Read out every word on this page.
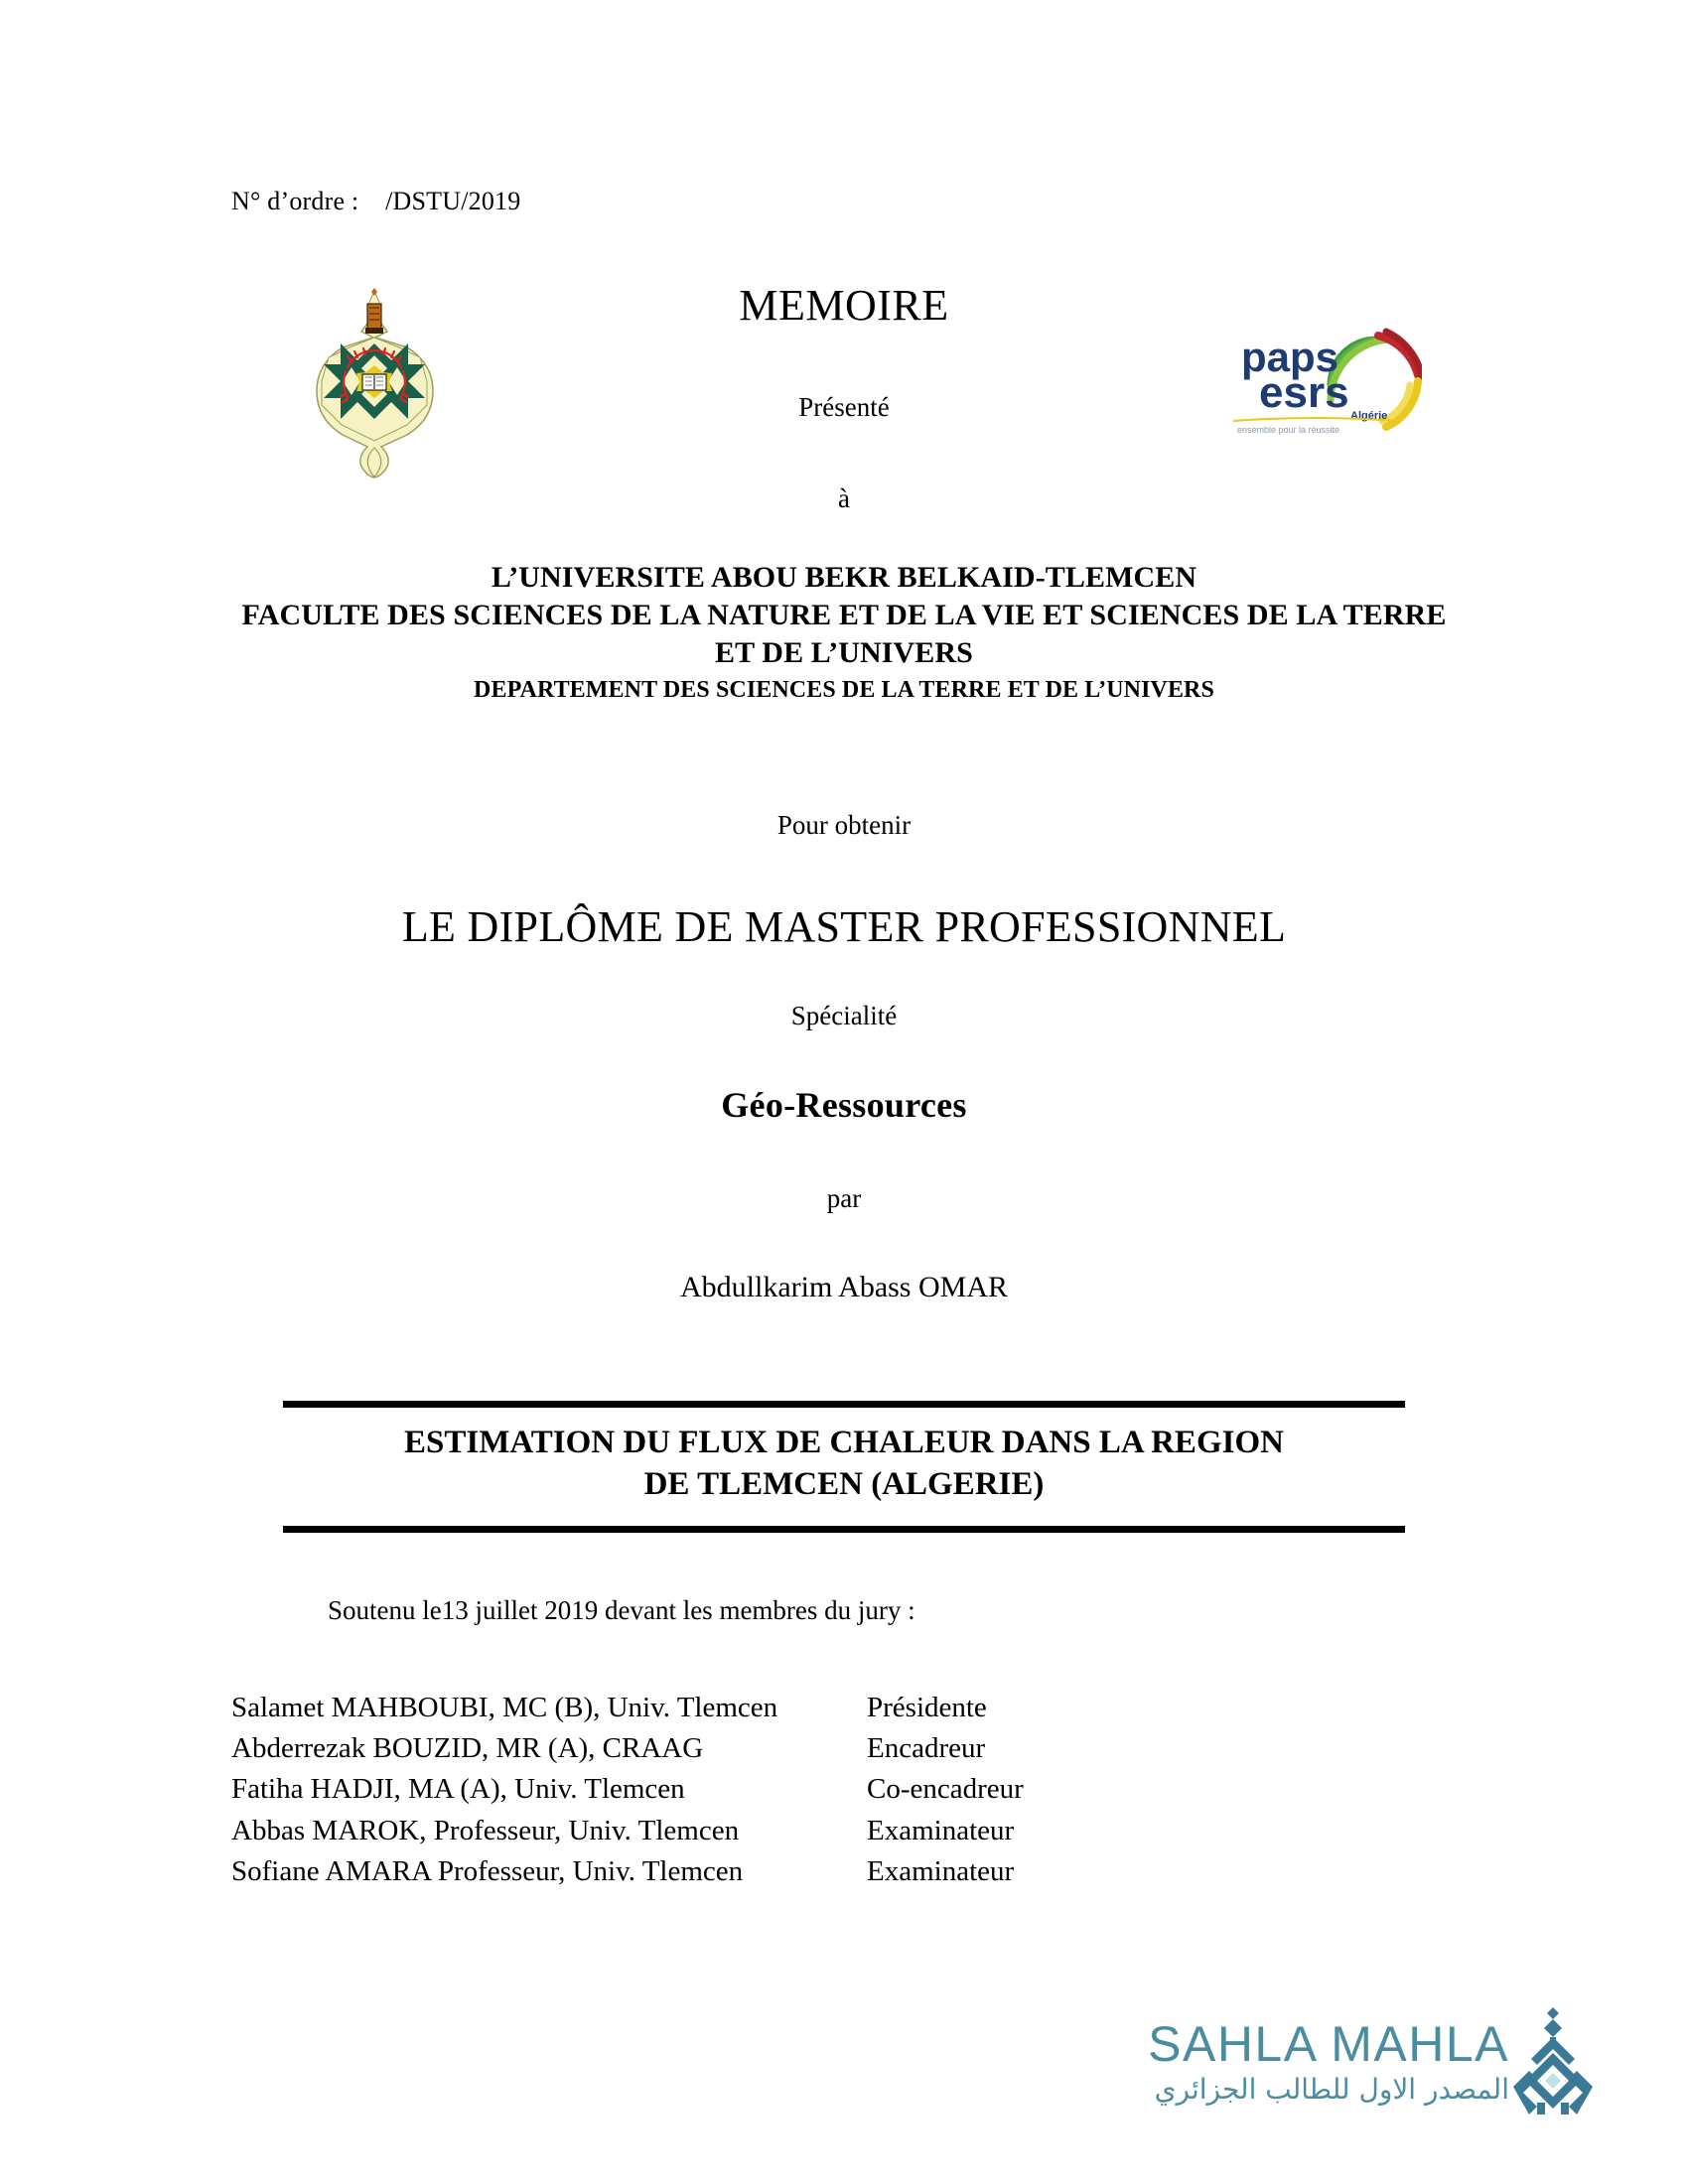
N° d’ordre :    /DSTU/2019
paps
esrs Algérie
ensemble pour la réussite
MEMOIRE
Présenté
à
L’UNIVERSITE ABOU BEKR BELKAID-TLEMCEN
FACULTE DES SCIENCES DE LA NATURE ET DE LA VIE ET SCIENCES DE LA TERRE
ET DE L’UNIVERS
DEPARTEMENT DES SCIENCES DE LA TERRE ET DE L’UNIVERS
Pour obtenir
LE DIPLÔME DE MASTER PROFESSIONNEL
Spécialité
Géo-Ressources
par
Abdullkarim Abass OMAR
ESTIMATION DU FLUX DE CHALEUR DANS LA REGION
DE TLEMCEN (ALGERIE)
Soutenu le13 juillet 2019 devant les membres du jury :
Salamet MAHBOUBI, MC (B), Univ. Tlemcen	Présidente
Abderrezak BOUZID, MR (A), CRAAG	Encadreur
Fatiha HADJI, MA (A), Univ. Tlemcen	Co-encadreur
Abbas MAROK, Professeur, Univ. Tlemcen	Examinateur
Sofiane AMARA Professeur, Univ. Tlemcen	Examinateur
SAHLA MAHLA
المصدر الاول للطالب الجزائري
